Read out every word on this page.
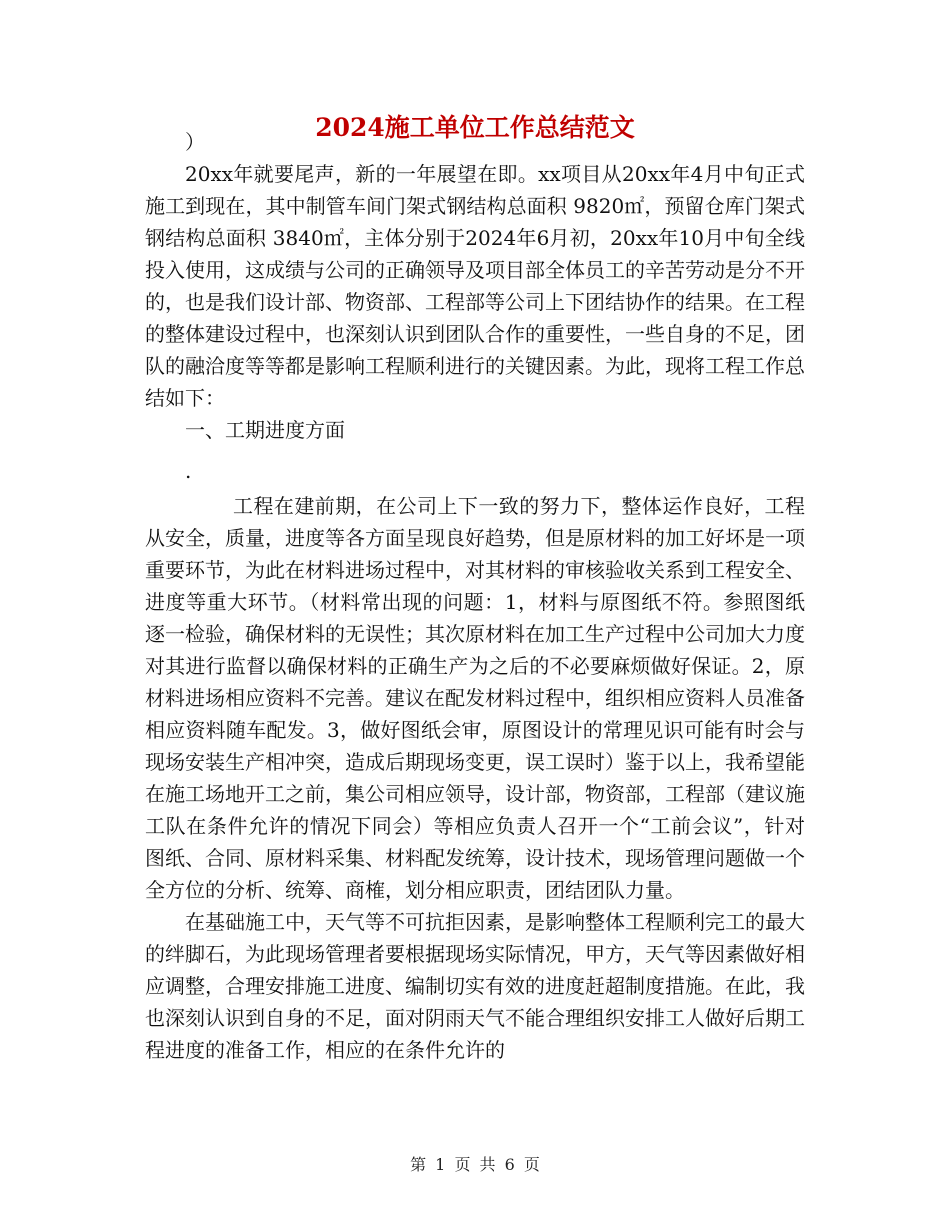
2024施工单位工作总结范文

）

20xx年就要尾声，新的一年展望在即。xx项目从20xx年4月中旬正式施工到现在，其中制管车间门架式钢结构总面积 9820㎡，预留仓库门架式钢结构总面积 3840㎡，主体分别于2024年6月初，20xx年10月中旬全线投入使用，这成绩与公司的正确领导及项目部全体员工的辛苦劳动是分不开的，也是我们设计部、物资部、工程部等公司上下团结协作的结果。在工程的整体建设过程中，也深刻认识到团队合作的重要性，一些自身的不足，团队的融洽度等等都是影响工程顺利进行的关键因素。为此，现将工程工作总结如下：

一、工期进度方面

.

工程在建前期，在公司上下一致的努力下，整体运作良好，工程从安全，质量，进度等各方面呈现良好趋势，但是原材料的加工好坏是一项重要环节，为此在材料进场过程中，对其材料的审核验收关系到工程安全、进度等重大环节。（材料常出现的问题：1，材料与原图纸不符。参照图纸逐一检验，确保材料的无误性；其次原材料在加工生产过程中公司加大力度对其进行监督以确保材料的正确生产为之后的不必要麻烦做好保证。2，原材料进场相应资料不完善。建议在配发材料过程中，组织相应资料人员准备相应资料随车配发。3，做好图纸会审，原图设计的常理见识可能有时会与现场安装生产相冲突，造成后期现场变更，误工误时）鉴于以上，我希望能在施工场地开工之前，集公司相应领导，设计部，物资部，工程部（建议施工队在条件允许的情况下同会）等相应负责人召开一个“工前会议”，针对图纸、合同、原材料采集、材料配发统筹，设计技术，现场管理问题做一个全方位的分析、统筹、商榷，划分相应职责，团结团队力量。

在基础施工中，天气等不可抗拒因素，是影响整体工程顺利完工的最大的绊脚石，为此现场管理者要根据现场实际情况，甲方，天气等因素做好相应调整，合理安排施工进度、编制切实有效的进度赶超制度措施。在此，我也深刻认识到自身的不足，面对阴雨天气不能合理组织安排工人做好后期工程进度的准备工作，相应的在条件允许的

第 1 页 共 6 页
